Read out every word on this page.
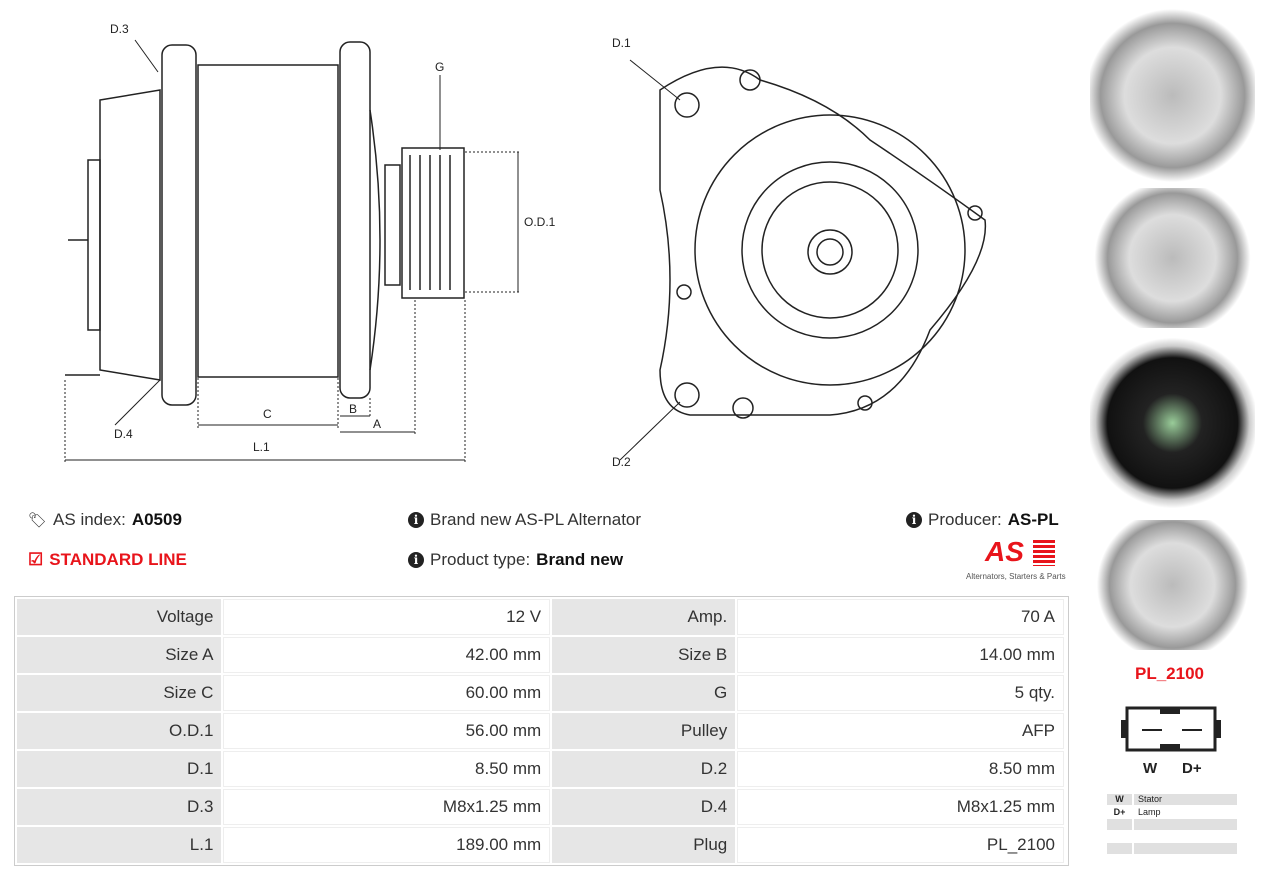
D.3
D.4
G
O.D.1
C	B
A
L.1
D.1
D.2
🏷 AS index: A0509
☑ STANDARD LINE
i Brand new AS-PL Alternator
i Product type: Brand new
i Producer: AS-PL
AS
Alternators, Starters & Parts
Voltage	12 V	Amp.	70 A
Size A	42.00 mm	Size B	14.00 mm
Size C	60.00 mm	G	5 qty.
O.D.1	56.00 mm	Pulley	AFP
D.1	8.50 mm	D.2	8.50 mm
D.3	M8x1.25 mm	D.4	M8x1.25 mm
L.1	189.00 mm	Plug	PL_2100
PL_2100
W D+
W	Stator
D+	Lamp
